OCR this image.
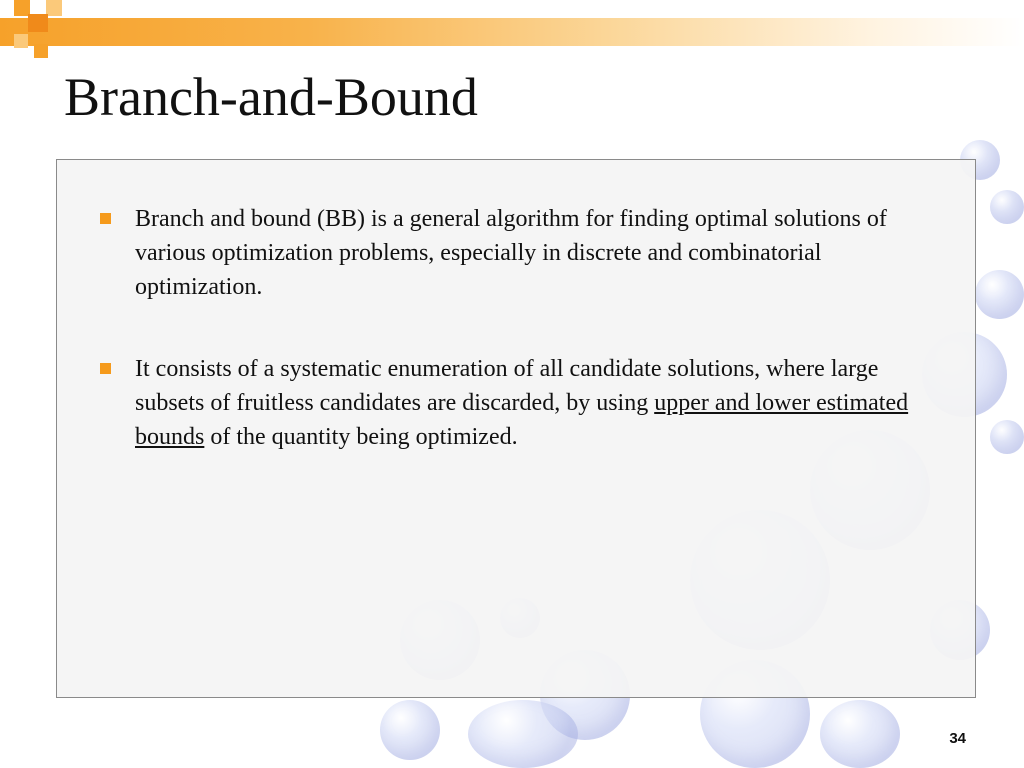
Branch-and-Bound
Branch and bound (BB) is a general algorithm for finding optimal solutions of various optimization problems, especially in discrete and combinatorial optimization.
It consists of a systematic enumeration of all candidate solutions, where large subsets of fruitless candidates are discarded, by using upper and lower estimated bounds of the quantity being optimized.
34
